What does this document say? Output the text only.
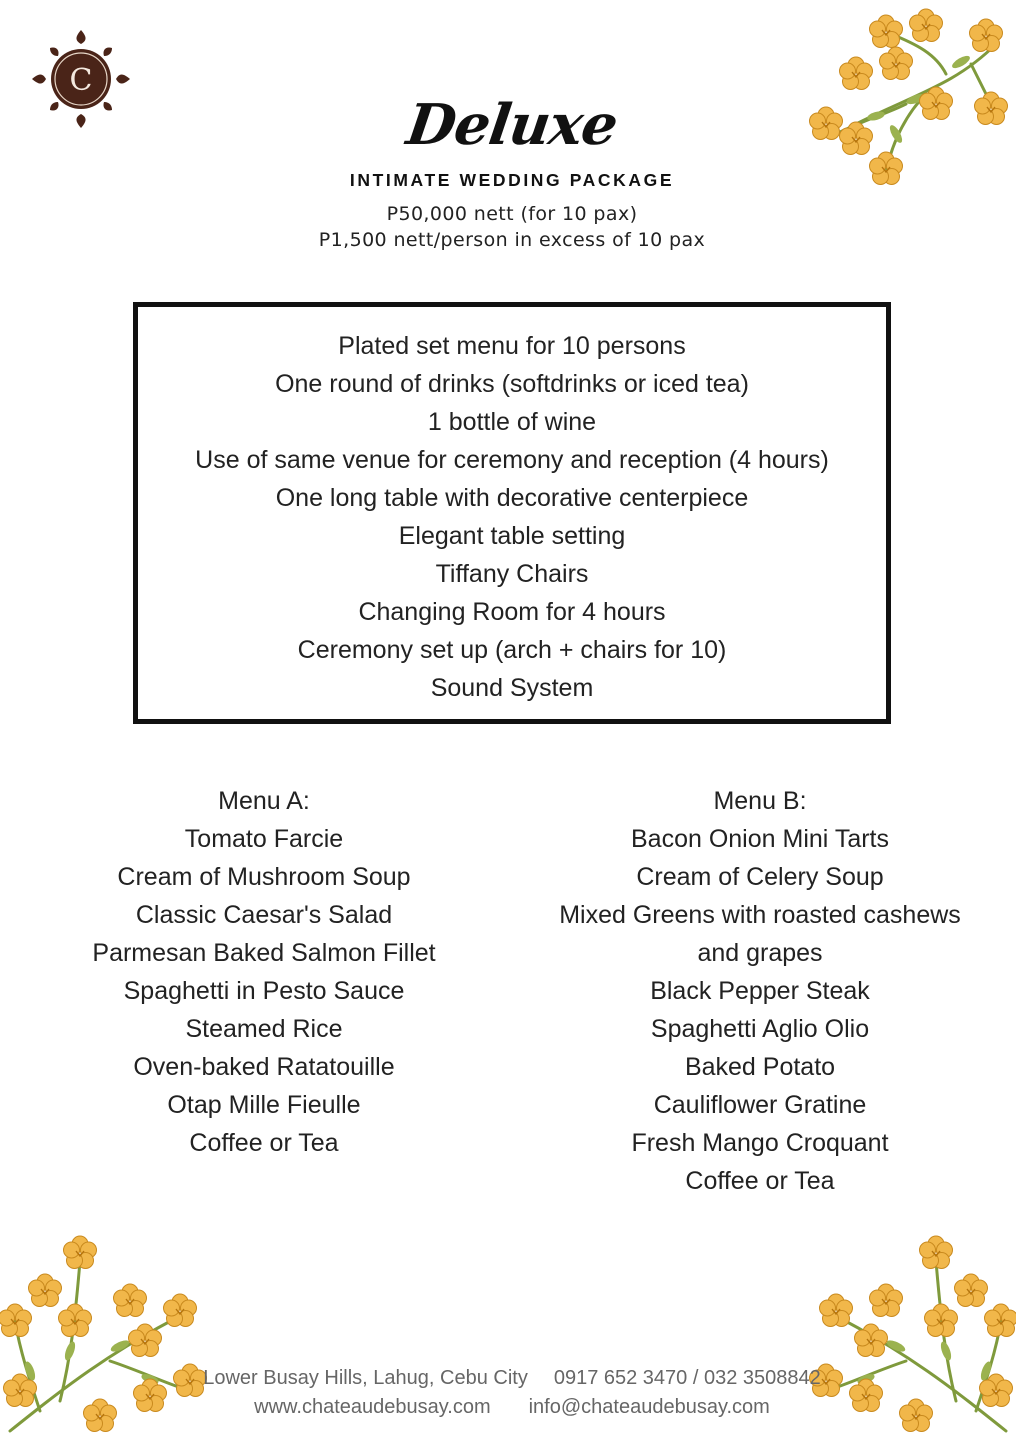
C
Deluxe
INTIMATE WEDDING PACKAGE
P50,000 nett (for 10 pax)
P1,500 nett/person in excess of 10 pax
Plated set menu for 10 persons
One round of drinks (softdrinks or iced tea)
1 bottle of wine
Use of same venue for ceremony and reception (4 hours)
One long table with decorative centerpiece
Elegant table setting
Tiffany Chairs
Changing Room for 4 hours
Ceremony set up (arch + chairs for 10)
Sound System
Menu A:
Tomato Farcie
Cream of Mushroom Soup
Classic Caesar's Salad
Parmesan Baked Salmon Fillet
Spaghetti in Pesto Sauce
Steamed Rice
Oven-baked Ratatouille
Otap Mille Fieulle
Coffee or Tea
Menu B:
Bacon Onion Mini Tarts
Cream of Celery Soup
Mixed Greens with roasted cashews
and grapes
Black Pepper Steak
Spaghetti Aglio Olio
Baked Potato
Cauliflower Gratine
Fresh Mango Croquant
Coffee or Tea
Lower Busay Hills, Lahug, Cebu City 0917 652 3470 / 032 3508842
www.chateaudebusay.com info@chateaudebusay.com
